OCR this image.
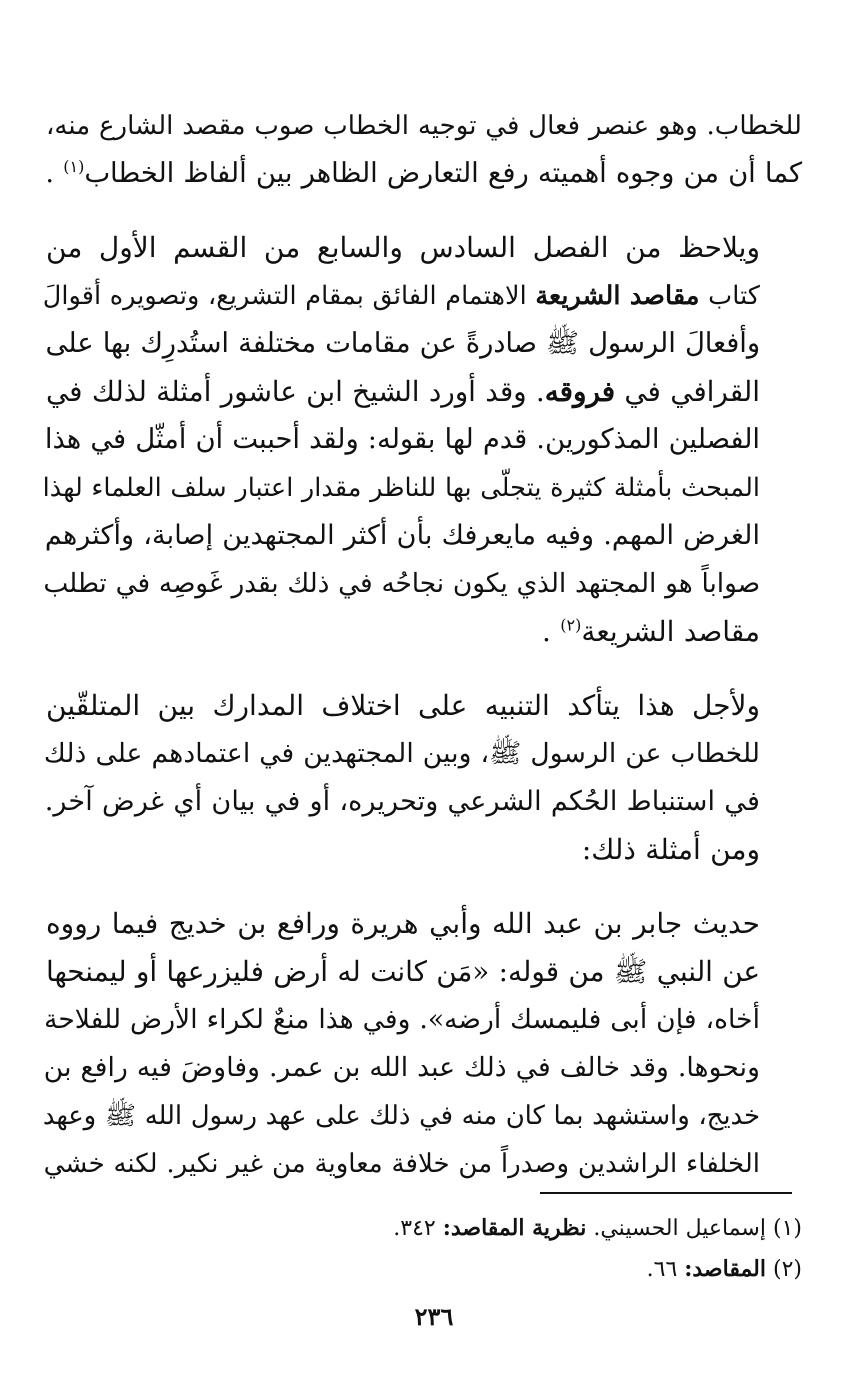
للخطاب. وهو عنصر فعال في توجيه الخطاب صوب مقصد الشارع منه،
كما أن من وجوه أهميته رفع التعارض الظاهر بين ألفاظ الخطاب$^{(١)}$ .

ويلاحظ من الفصل السادس والسابع من القسم الأول من
كتاب مقاصد الشريعة الاهتمام الفائق بمقام التشريع، وتصويره أقوالَ
وأفعالَ الرسول ﷺ صادرةً عن مقامات مختلفة استُدرِك بها على
القرافي في فروقه. وقد أورد الشيخ ابن عاشور أمثلة لذلك في
الفصلين المذكورين. قدم لها بقوله: ولقد أحببت أن أمثّل في هذا
المبحث بأمثلة كثيرة يتجلّى بها للناظر مقدار اعتبار سلف العلماء لهذا
الغرض المهم. وفيه مايعرفك بأن أكثر المجتهدين إصابة، وأكثرهم
صواباً هو المجتهد الذي يكون نجاحُه في ذلك بقدر غَوصِه في تطلب
مقاصد الشريعة$^{(٢)}$ .

ولأجل هذا يتأكد التنبيه على اختلاف المدارك بين المتلقّين
للخطاب عن الرسول ﷺ، وبين المجتهدين في اعتمادهم على ذلك
في استنباط الحُكم الشرعي وتحريره، أو في بيان أي غرض آخر.
ومن أمثلة ذلك:

حديث جابر بن عبد الله وأبي هريرة ورافع بن خديج فيما رووه
عن النبي ﷺ من قوله: «مَن كانت له أرض فليزرعها أو ليمنحها
أخاه، فإن أبى فليمسك أرضه». وفي هذا منعٌ لكراء الأرض للفلاحة
ونحوها. وقد خالف في ذلك عبد الله بن عمر. وفاوضَ فيه رافع بن
خديج، واستشهد بما كان منه في ذلك على عهد رسول الله ﷺ وعهد
الخلفاء الراشدين وصدراً من خلافة معاوية من غير نكير. لكنه خشي

(١) إسماعيل الحسيني. نظرية المقاصد: ٣٤٢.
(٢) المقاصد: ٦٦.
٢٣٦
